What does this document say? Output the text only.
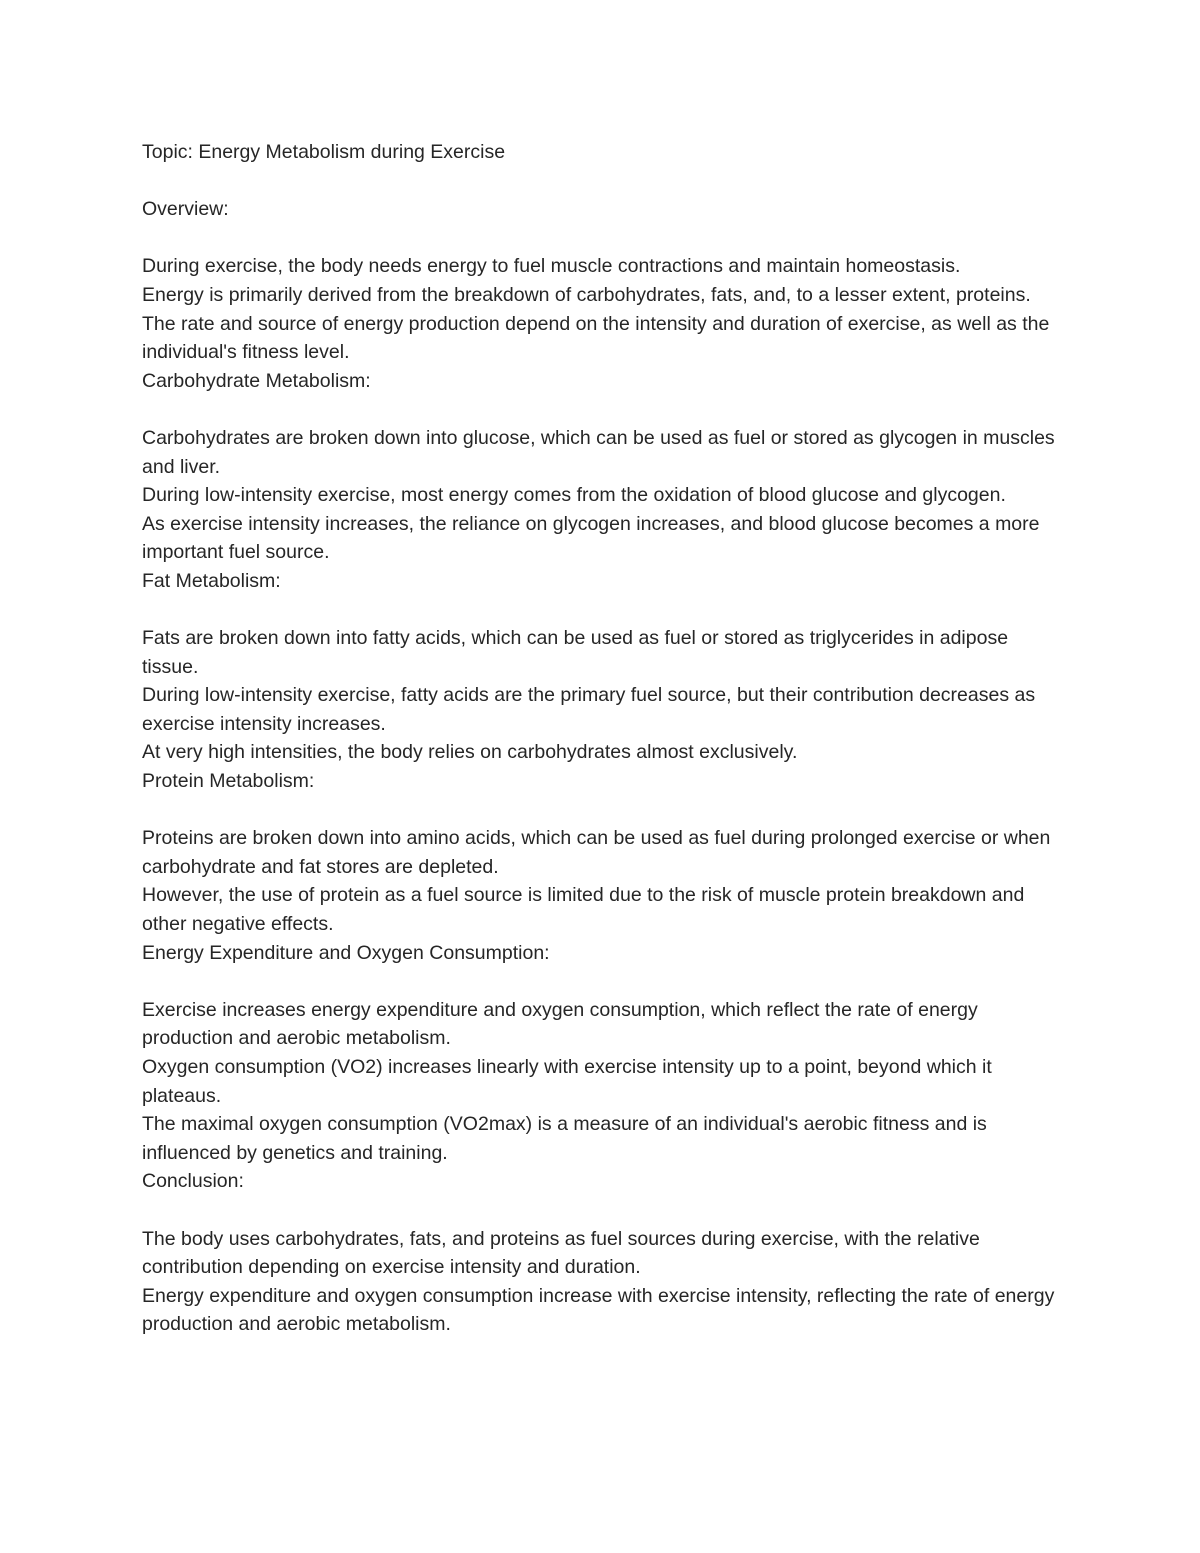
Topic: Energy Metabolism during Exercise

Overview:

During exercise, the body needs energy to fuel muscle contractions and maintain homeostasis.

Energy is primarily derived from the breakdown of carbohydrates, fats, and, to a lesser extent, proteins.

The rate and source of energy production depend on the intensity and duration of exercise, as well as the individual's fitness level.

Carbohydrate Metabolism:

Carbohydrates are broken down into glucose, which can be used as fuel or stored as glycogen in muscles and liver.

During low-intensity exercise, most energy comes from the oxidation of blood glucose and glycogen.

As exercise intensity increases, the reliance on glycogen increases, and blood glucose becomes a more important fuel source.

Fat Metabolism:

Fats are broken down into fatty acids, which can be used as fuel or stored as triglycerides in adipose tissue.

During low-intensity exercise, fatty acids are the primary fuel source, but their contribution decreases as exercise intensity increases.

At very high intensities, the body relies on carbohydrates almost exclusively.

Protein Metabolism:

Proteins are broken down into amino acids, which can be used as fuel during prolonged exercise or when carbohydrate and fat stores are depleted.

However, the use of protein as a fuel source is limited due to the risk of muscle protein breakdown and other negative effects.

Energy Expenditure and Oxygen Consumption:

Exercise increases energy expenditure and oxygen consumption, which reflect the rate of energy production and aerobic metabolism.

Oxygen consumption (VO2) increases linearly with exercise intensity up to a point, beyond which it plateaus.

The maximal oxygen consumption (VO2max) is a measure of an individual's aerobic fitness and is influenced by genetics and training.

Conclusion:

The body uses carbohydrates, fats, and proteins as fuel sources during exercise, with the relative contribution depending on exercise intensity and duration.

Energy expenditure and oxygen consumption increase with exercise intensity, reflecting the rate of energy production and aerobic metabolism.
